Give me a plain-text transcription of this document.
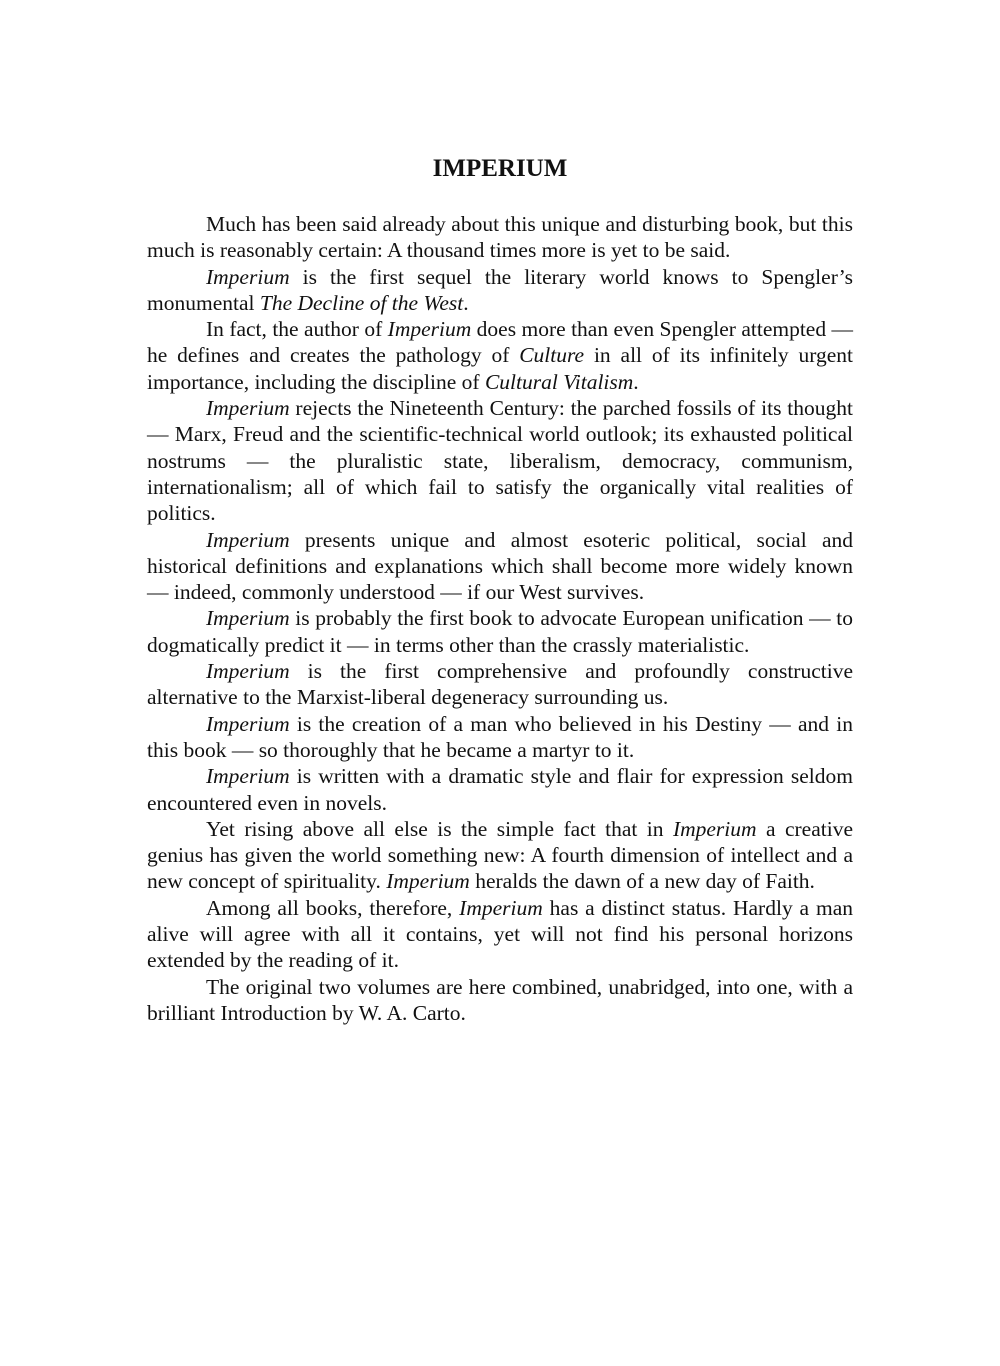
IMPERIUM

Much has been said already about this unique and disturbing book, but this much is reasonably certain: A thousand times more is yet to be said.

Imperium is the first sequel the literary world knows to Spengler’s monumental The Decline of the West.

In fact, the author of Imperium does more than even Spengler attempted — he defines and creates the pathology of Culture in all of its infinitely urgent importance, including the discipline of Cultural Vitalism.

Imperium rejects the Nineteenth Century: the parched fossils of its thought — Marx, Freud and the scientific-technical world outlook; its exhausted political nostrums — the pluralistic state, liberalism, democracy, communism, internationalism; all of which fail to satisfy the organically vital realities of politics.

Imperium presents unique and almost esoteric political, social and historical definitions and explanations which shall become more widely known — indeed, commonly understood — if our West survives.

Imperium is probably the first book to advocate European unification — to dogmatically predict it — in terms other than the crassly materialistic.

Imperium is the first comprehensive and profoundly constructive alternative to the Marxist-liberal degeneracy surrounding us.

Imperium is the creation of a man who believed in his Destiny — and in this book — so thoroughly that he became a martyr to it.

Imperium is written with a dramatic style and flair for expression seldom encountered even in novels.

Yet rising above all else is the simple fact that in Imperium a creative genius has given the world something new: A fourth dimension of intellect and a new concept of spirituality. Imperium heralds the dawn of a new day of Faith.

Among all books, therefore, Imperium has a distinct status. Hardly a man alive will agree with all it contains, yet will not find his personal horizons extended by the reading of it.

The original two volumes are here combined, unabridged, into one, with a brilliant Introduction by W. A. Carto.
